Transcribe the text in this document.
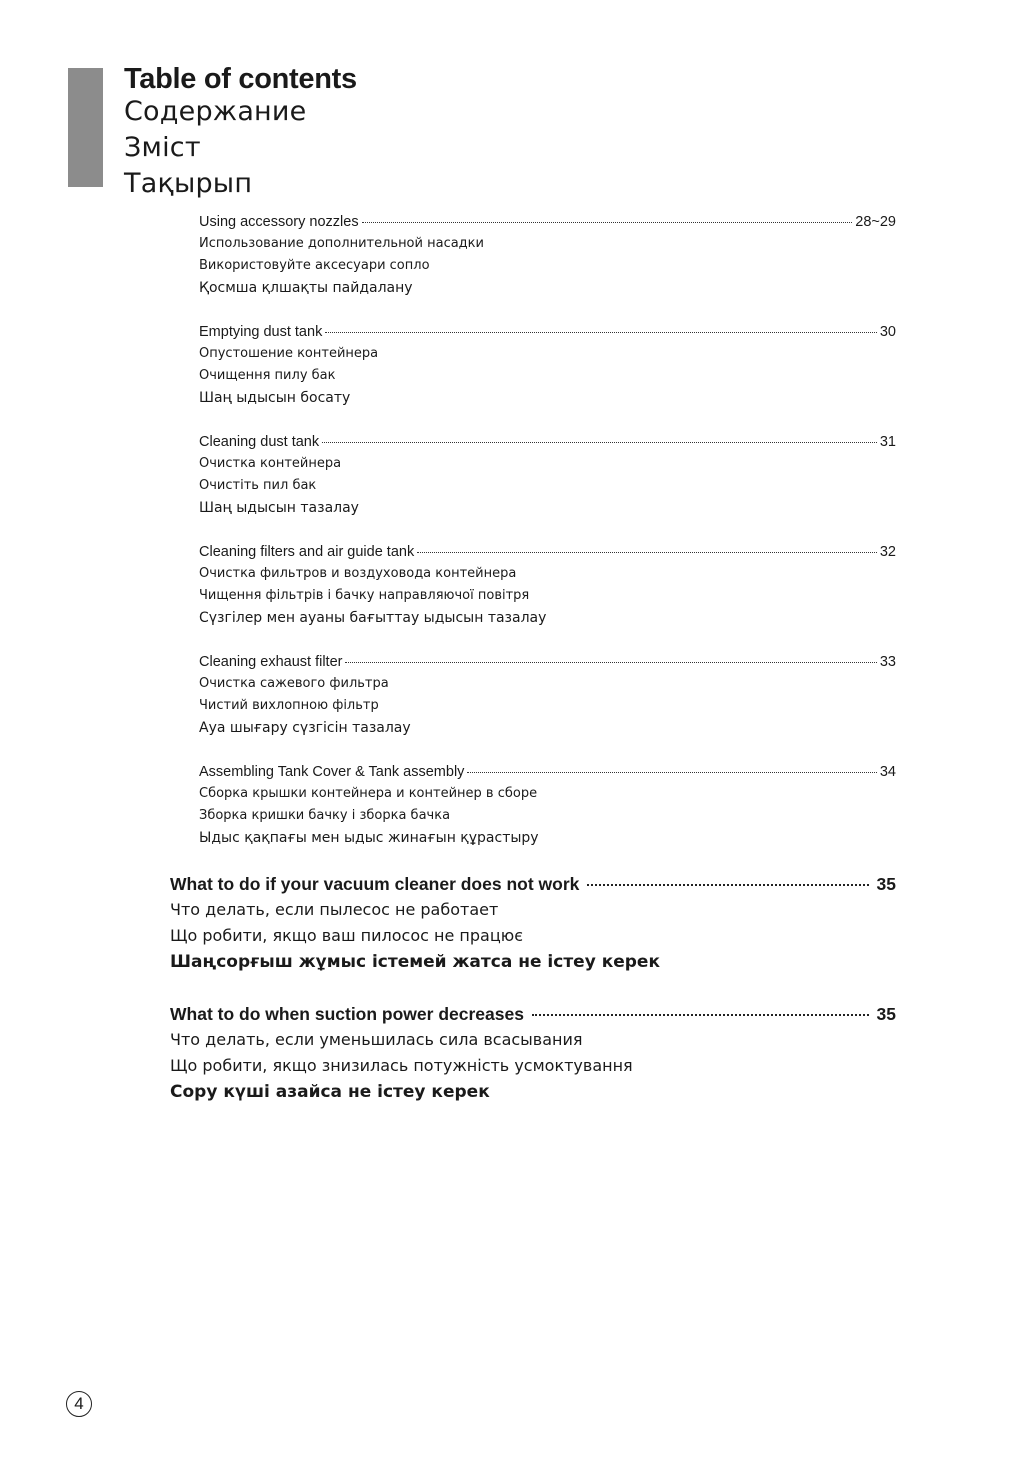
Table of contents
Содержание
Зміст
Тақырып
Using accessory nozzles	28~29
Использование дополнительной насадки
Використовуйте аксесуари сопло
Қосмша қлшақты пайдалану
Emptying dust tank	30
Опустошение контейнера
Очищення пилу бак
Шаң ыдысын босату
Cleaning dust tank	31
Очистка контейнера
Очистіть пил бак
Шаң ыдысын тазалау
Cleaning filters and air guide tank	32
Очистка фильтров и воздуховода контейнера
Чищення фільтрів і бачку направляючої повітря
Сүзгілер мен ауаны бағыттау ыдысын тазалау
Cleaning exhaust filter	33
Очистка сажевого фильтра
Чистий вихлопною фільтр
Ауа шығару сүзгісін тазалау
Assembling Tank Cover & Tank assembly	34
Сборка крышки контейнера и контейнер в сборе
Зборка кришки бачку і зборка бачка
Ыдыс қақпағы мен ыдыс жинағын құрастыру
What to do if your vacuum cleaner does not work	35
Что делать, если пылесос не работает
Що робити, якщо ваш пилосос не працює
Шаңсорғыш жұмыс істемей жатса не істеу керек
What to do when suction power decreases	35
Что делать, если уменьшилась сила всасывания
Що робити, якщо знизилась потужність усмоктування
Сору күші азайса не істеу керек
4
